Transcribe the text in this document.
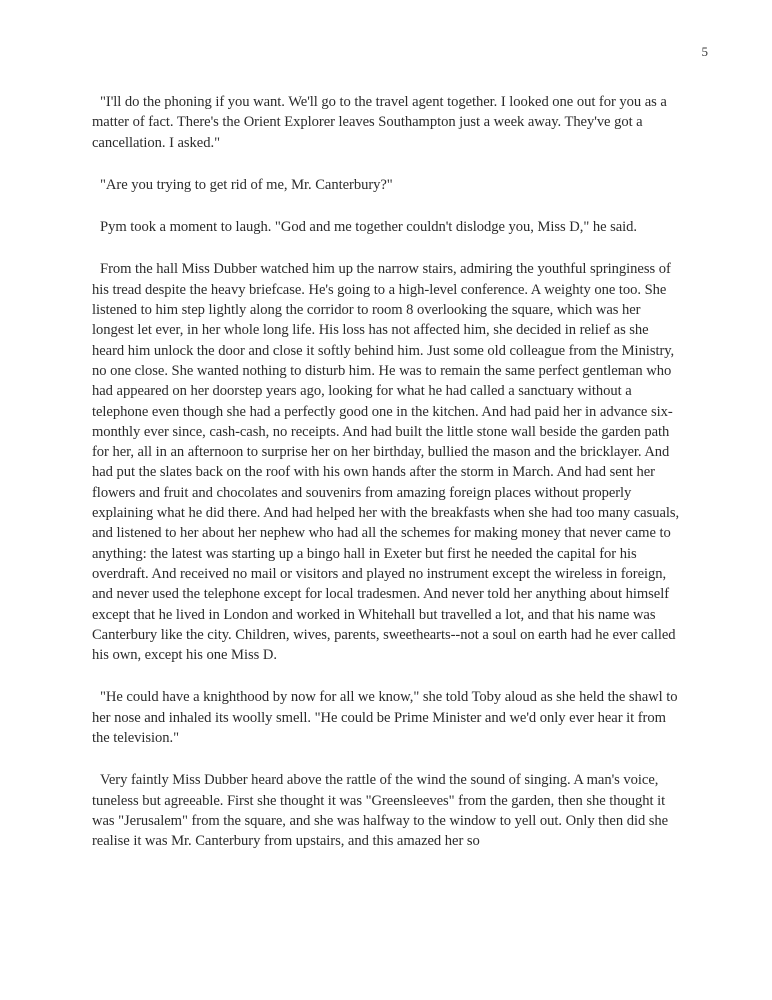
5

"I'll do the phoning if you want. We'll go to the travel agent together. I looked one out for you as a matter of fact. There's the Orient Explorer leaves Southampton just a week away. They've got a cancellation. I asked."

"Are you trying to get rid of me, Mr. Canterbury?"

Pym took a moment to laugh. "God and me together couldn't dislodge you, Miss D," he said.

From the hall Miss Dubber watched him up the narrow stairs, admiring the youthful springiness of his tread despite the heavy briefcase. He's going to a high-level conference. A weighty one too. She listened to him step lightly along the corridor to room 8 overlooking the square, which was her longest let ever, in her whole long life. His loss has not affected him, she decided in relief as she heard him unlock the door and close it softly behind him. Just some old colleague from the Ministry, no one close. She wanted nothing to disturb him. He was to remain the same perfect gentleman who had appeared on her doorstep years ago, looking for what he had called a sanctuary without a telephone even though she had a perfectly good one in the kitchen. And had paid her in advance six-monthly ever since, cash-cash, no receipts. And had built the little stone wall beside the garden path for her, all in an afternoon to surprise her on her birthday, bullied the mason and the bricklayer. And had put the slates back on the roof with his own hands after the storm in March. And had sent her flowers and fruit and chocolates and souvenirs from amazing foreign places without properly explaining what he did there. And had helped her with the breakfasts when she had too many casuals, and listened to her about her nephew who had all the schemes for making money that never came to anything: the latest was starting up a bingo hall in Exeter but first he needed the capital for his overdraft. And received no mail or visitors and played no instrument except the wireless in foreign, and never used the telephone except for local tradesmen. And never told her anything about himself except that he lived in London and worked in Whitehall but travelled a lot, and that his name was Canterbury like the city. Children, wives, parents, sweethearts--not a soul on earth had he ever called his own, except his one Miss D.

"He could have a knighthood by now for all we know," she told Toby aloud as she held the shawl to her nose and inhaled its woolly smell. "He could be Prime Minister and we'd only ever hear it from the television."

Very faintly Miss Dubber heard above the rattle of the wind the sound of singing. A man's voice, tuneless but agreeable. First she thought it was "Greensleeves" from the garden, then she thought it was "Jerusalem" from the square, and she was halfway to the window to yell out. Only then did she realise it was Mr. Canterbury from upstairs, and this amazed her so
